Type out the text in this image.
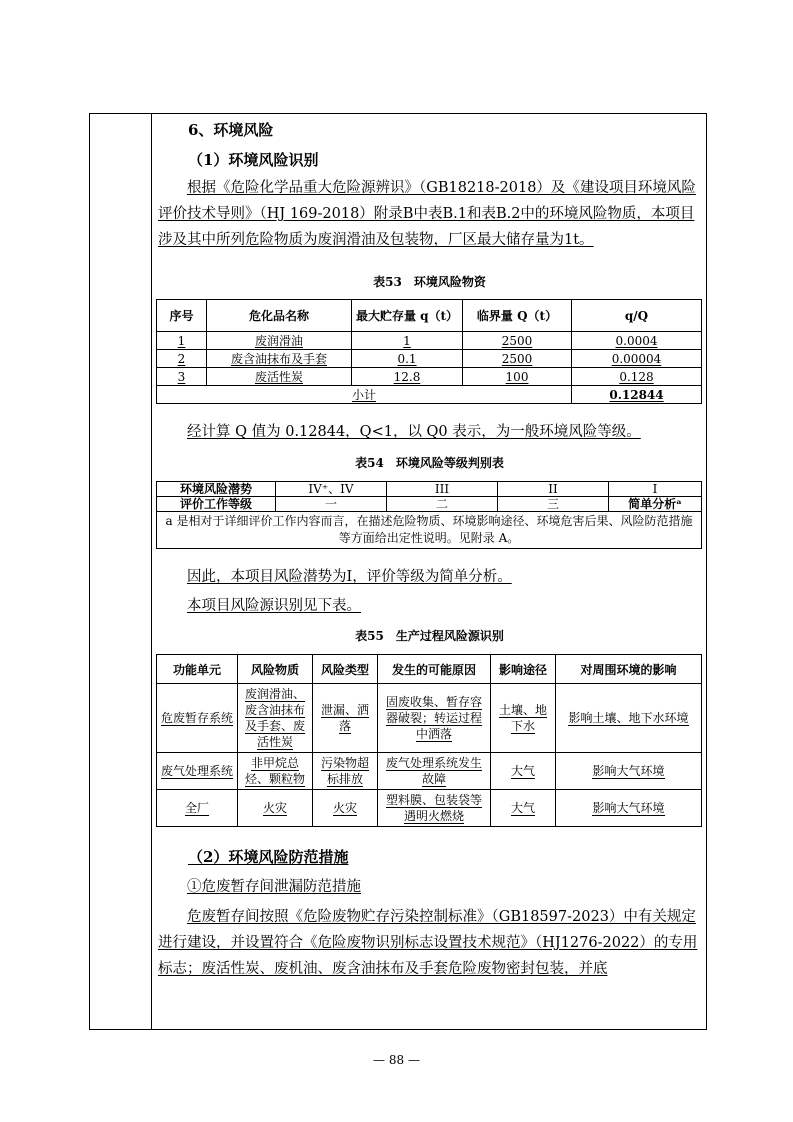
6、环境风险
（1）环境风险识别
根据《危险化学品重大危险源辨识》（GB18218-2018）及《建设项目环境风险评价技术导则》（HJ 169-2018）附录B中表B.1和表B.2中的环境风险物质，本项目涉及其中所列危险物质为废润滑油及包装物，厂区最大储存量为1t。
表53　环境风险物资
序号	危化品名称	最大贮存量 q（t）	临界量 Q（t）	q/Q
1	废润滑油	1	2500	0.0004
2	废含油抹布及手套	0.1	2500	0.00004
3	废活性炭	12.8	100	0.128
小计				0.12844
经计算 Q 值为 0.12844，Q<1，以 Q0 表示，为一般环境风险等级。
表54　环境风险等级判别表
环境风险潜势	IV⁺、IV	III	II	I
评价工作等级	一	二	三	简单分析ᵃ
a 是相对于详细评价工作内容而言，在描述危险物质、环境影响途径、环境危害后果、风险防范措施等方面给出定性说明。见附录 A。				
因此，本项目风险潜势为I，评价等级为简单分析。
本项目风险源识别见下表。
表55　生产过程风险源识别
功能单元	风险物质	风险类型	发生的可能原因	影响途径	对周围环境的影响
危废暂存系统	废润滑油、废含油抹布及手套、废活性炭	泄漏、洒落	固废收集、暂存容器破裂；转运过程中洒落	土壤、地下水	影响土壤、地下水环境
废气处理系统	非甲烷总烃、颗粒物	污染物超标排放	废气处理系统发生故障	大气	影响大气环境
全厂	火灾	火灾	塑料膜、包装袋等遇明火燃烧	大气	影响大气环境
（2）环境风险防范措施
①危废暂存间泄漏防范措施
危废暂存间按照《危险废物贮存污染控制标准》（GB18597-2023）中有关规定进行建设，并设置符合《危险废物识别标志设置技术规范》（HJ1276-2022）的专用标志；废活性炭、废机油、废含油抹布及手套危险废物密封包装，并底
— 88 —
